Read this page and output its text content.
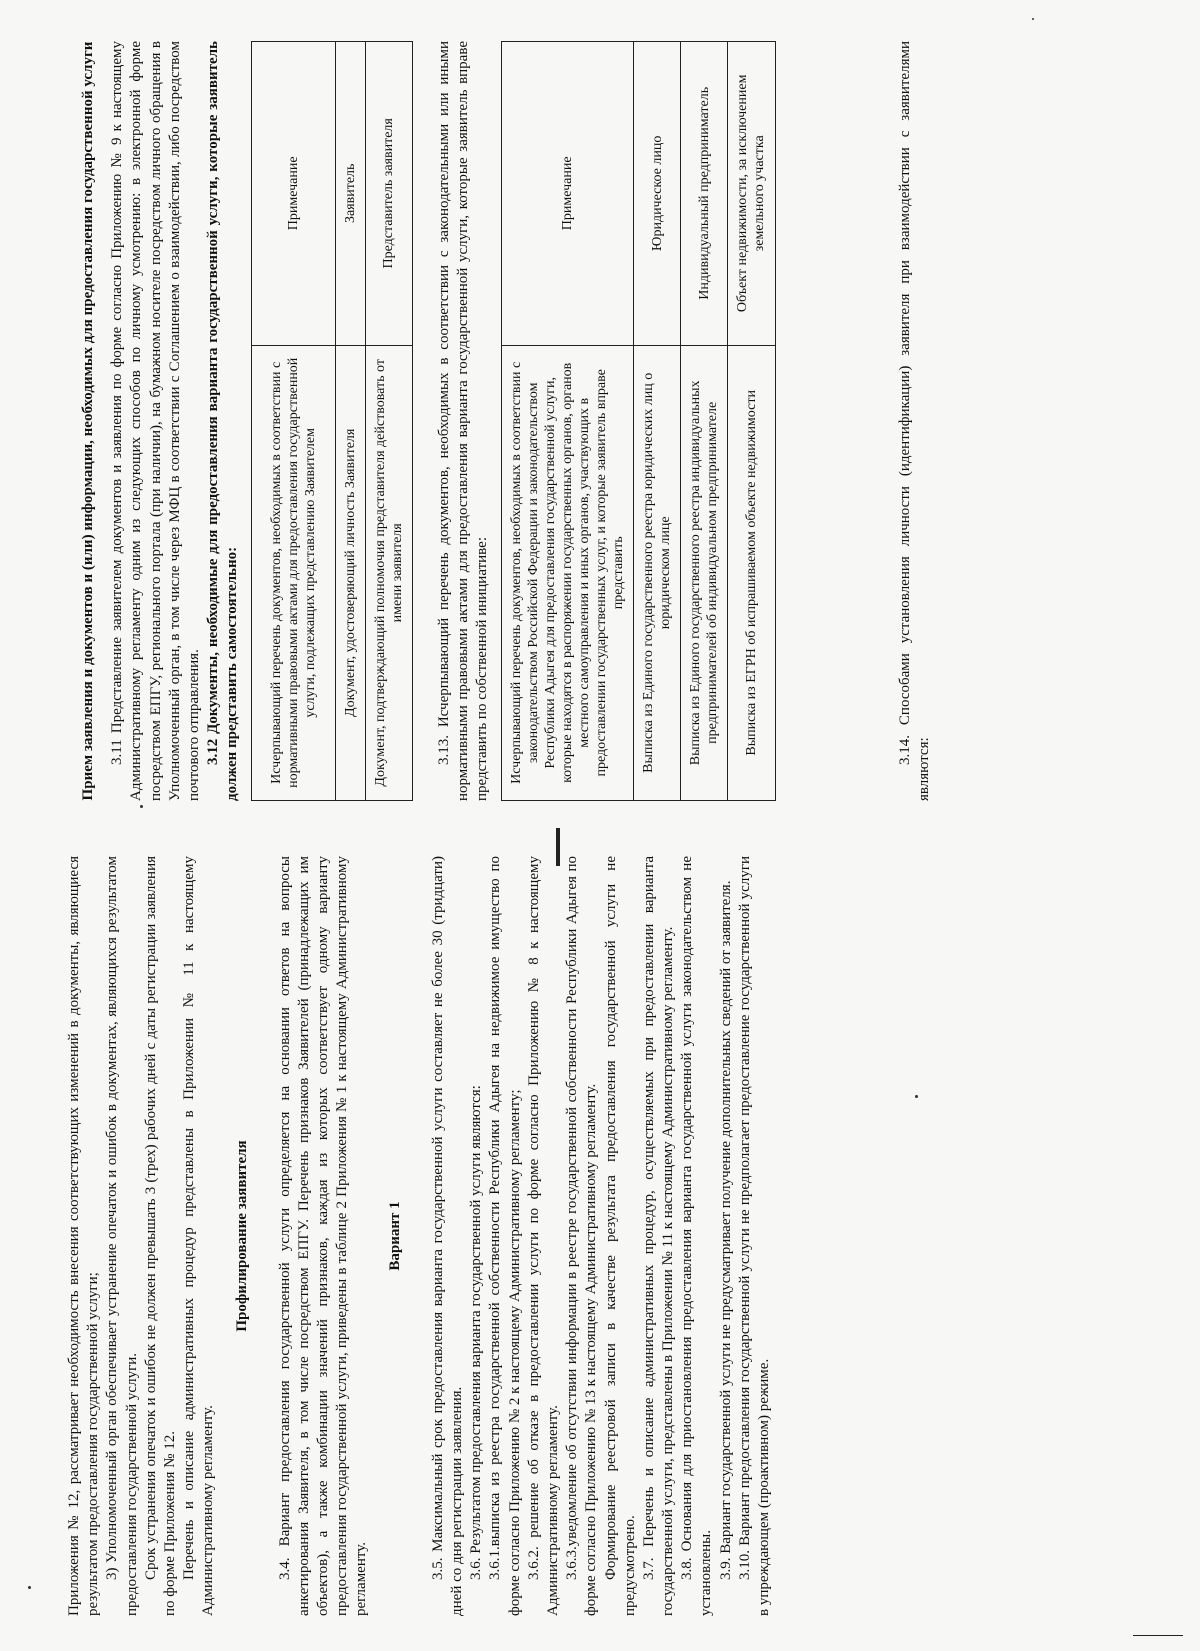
Приложения № 12, рассматривает необходимость внесения соответствующих изменений в документы, являющиеся результатом предоставления государственной услуги; 3) Уполномоченный орган обеспечивает устранение опечаток и ошибок в документах, являющихся результатом предоставления государственной услуги. Срок устранения опечаток и ошибок не должен превышать 3 (трех) рабочих дней с даты регистрации заявления по форме Приложения № 12. Перечень и описание административных процедур представлены в Приложении № 11 к настоящему Административному регламенту.

Профилирование заявителя 3.4. Вариант предоставления государственной услуги определяется на основании ответов на вопросы анкетирования Заявителя, в том числе посредством ЕПГУ. Перечень признаков Заявителей (принадлежащих им объектов), а также комбинации значений признаков, каждая из которых соответствует одному варианту предоставления государственной услуги, приведены в таблице 2 Приложения № 1 к настоящему Административному регламенту.

Вариант 1 3.5. Максимальный срок предоставления варианта государственной услуги составляет не более 30 (тридцати) дней со дня регистрации заявления. 3.6. Результатом предоставления варианта государственной услуги являются: 3.6.1.выписка из реестра государственной собственности Республики Адыгея на недвижимое имущество по форме согласно Приложению № 2 к настоящему Административному регламенту; 3.6.2. решение об отказе в предоставлении услуги по форме согласно Приложению № 8 к настоящему Административному регламенту. 3.6.3.уведомление об отсутствии информации в реестре государственной собственности Республики Адыгея по форме согласно Приложению № 13 к настоящему Административному регламенту. Формирование реестровой записи в качестве результата предоставления государственной услуги не предусмотрено. 3.7. Перечень и описание административных процедур, осуществляемых при предоставлении варианта государственной услуги, представлены в Приложении № 11 к настоящему Административному регламенту. 3.8. Основания для приостановления предоставления варианта государственной услуги законодательством не установлены. 3.9. Вариант государственной услуги не предусматривает получение дополнительных сведений от заявителя. 3.10. Вариант предоставления государственной услуги не предполагает предоставление государственной услуги в упреждающем (проактивном) режиме.

Прием заявления и документов и (или) информации, необходимых для предоставления государственной услуги 3.11 Представление заявителем документов и заявления по форме согласно Приложению № 9 к настоящему Административному регламенту одним из следующих способов по личному усмотрению: в электронной форме посредством ЕПГУ, регионального портала (при наличии), на бумажном носителе посредством личного обращения в Уполномоченный орган, в том числе через МФЦ в соответствии с Соглашением о взаимодействии, либо посредством почтового отправления. 3.12 Документы, необходимые для предоставления варианта государственной услуги, которые заявитель должен представить самостоятельно: Исчерпывающий перечень документов, необходимых в соответствии с нормативными правовыми актами для предоставления государственной услуги, подлежащих представлению Заявителем	Примечание
Документ, удостоверяющий личность Заявителя	Заявитель
Документ, подтверждающий полномочия представителя действовать от имени заявителя	Представитель заявителя	3.13. Исчерпывающий перечень документов, необходимых в соответствии с законодательными или иными нормативными правовыми актами для предоставления варианта государственной услуги, которые заявитель вправе представить по собственной инициативе: Исчерпывающий перечень документов, необходимых в соответствии с законодательством Российской Федерации и законодательством Республики Адыгея для предоставления государственной услуги, которые находятся в распоряжении государственных органов, органов местного самоуправления и иных органов, участвующих в предоставлении государственных услуг, и которые заявитель вправе представить	Примечание
Выписка из Единого государственного реестра юридических лиц о юридическом лице	Юридическое лицо
Выписка из Единого государственного реестра индивидуальных предпринимателей об индивидуальном предпринимателе	Индивидуальный предприниматель
Выписка из ЕГРН об испрашиваемом объекте недвижимости	Объект недвижимости, за исключением земельного участка	3.14. Способами установления личности (идентификации) заявителя при взаимодействии с заявителями являются:
